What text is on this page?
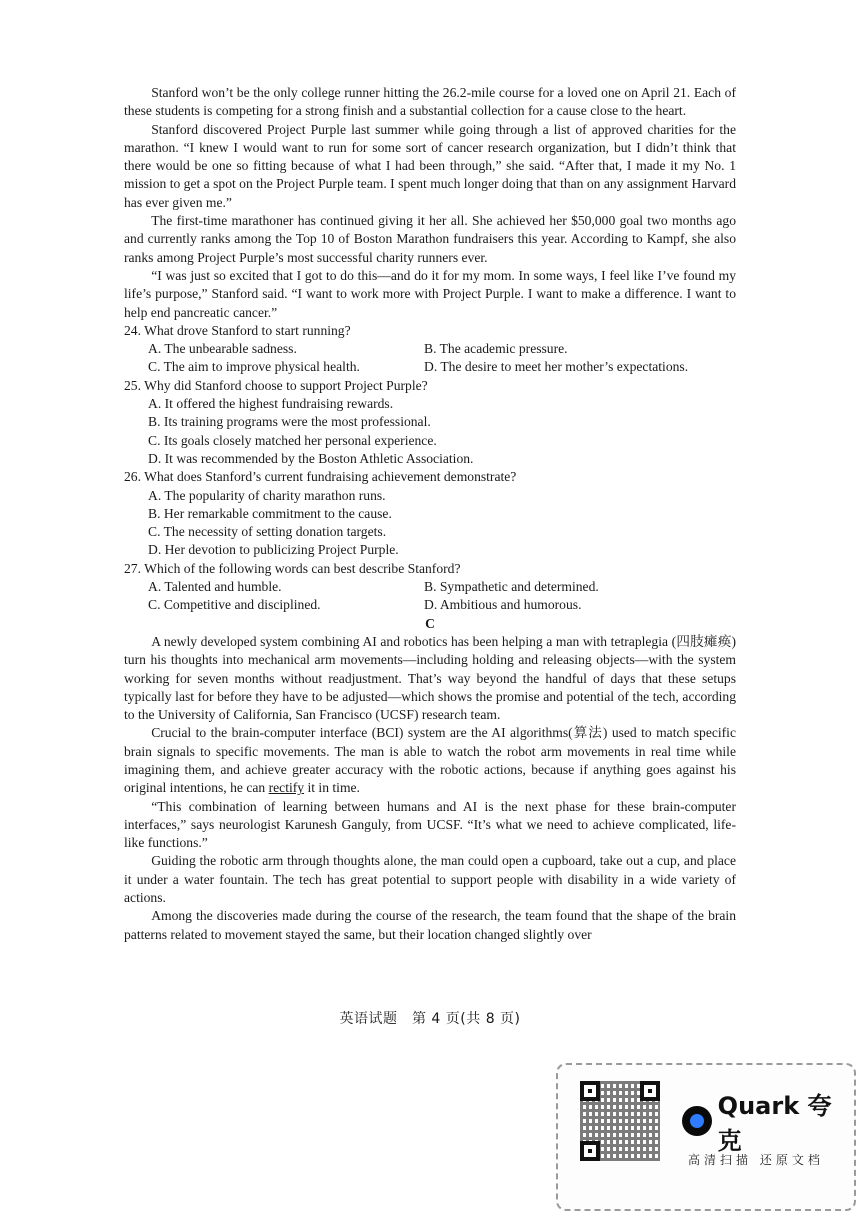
Stanford won’t be the only college runner hitting the 26.2-mile course for a loved one on April 21. Each of these students is competing for a strong finish and a substantial collection for a cause close to the heart.

Stanford discovered Project Purple last summer while going through a list of approved charities for the marathon. “I knew I would want to run for some sort of cancer research organization, but I didn’t think that there would be one so fitting because of what I had been through,” she said. “After that, I made it my No. 1 mission to get a spot on the Project Purple team. I spent much longer doing that than on any assignment Harvard has ever given me.”

The first-time marathoner has continued giving it her all. She achieved her $50,000 goal two months ago and currently ranks among the Top 10 of Boston Marathon fundraisers this year. According to Kampf, she also ranks among Project Purple’s most successful charity runners ever.

“I was just so excited that I got to do this—and do it for my mom. In some ways, I feel like I’ve found my life’s purpose,” Stanford said. “I want to work more with Project Purple. I want to make a difference. I want to help end pancreatic cancer.”

24. What drove Stanford to start running?

A. The unbearable sadness.	B. The academic pressure.
C. The aim to improve physical health.	D. The desire to meet her mother’s expectations.

25. Why did Stanford choose to support Project Purple?

A. It offered the highest fundraising rewards.

B. Its training programs were the most professional.

C. Its goals closely matched her personal experience.

D. It was recommended by the Boston Athletic Association.

26. What does Stanford’s current fundraising achievement demonstrate?

A. The popularity of charity marathon runs.

B. Her remarkable commitment to the cause.

C. The necessity of setting donation targets.

D. Her devotion to publicizing Project Purple.

27. Which of the following words can best describe Stanford?

A. Talented and humble.	B. Sympathetic and determined.
C. Competitive and disciplined.	D. Ambitious and humorous.

C

A newly developed system combining AI and robotics has been helping a man with tetraplegia (四肢瘫痪) turn his thoughts into mechanical arm movements—including holding and releasing objects—with the system working for seven months without readjustment. That’s way beyond the handful of days that these setups typically last for before they have to be adjusted—which shows the promise and potential of the tech, according to the University of California, San Francisco (UCSF) research team.

Crucial to the brain-computer interface (BCI) system are the AI algorithms(算法) used to match specific brain signals to specific movements. The man is able to watch the robot arm movements in real time while imagining them, and achieve greater accuracy with the robotic actions, because if anything goes against his original intentions, he can rectify it in time.

“This combination of learning between humans and AI is the next phase for these brain-computer interfaces,” says neurologist Karunesh Ganguly, from UCSF. “It’s what we need to achieve complicated, life-like functions.”

Guiding the robotic arm through thoughts alone, the man could open a cupboard, take out a cup, and place it under a water fountain. The tech has great potential to support people with disability in a wide variety of actions.

Among the discoveries made during the course of the research, the team found that the shape of the brain patterns related to movement stayed the same, but their location changed slightly over

英语试题　第 4 页(共 8 页)
Quark 夸克
高清扫描 还原文档
